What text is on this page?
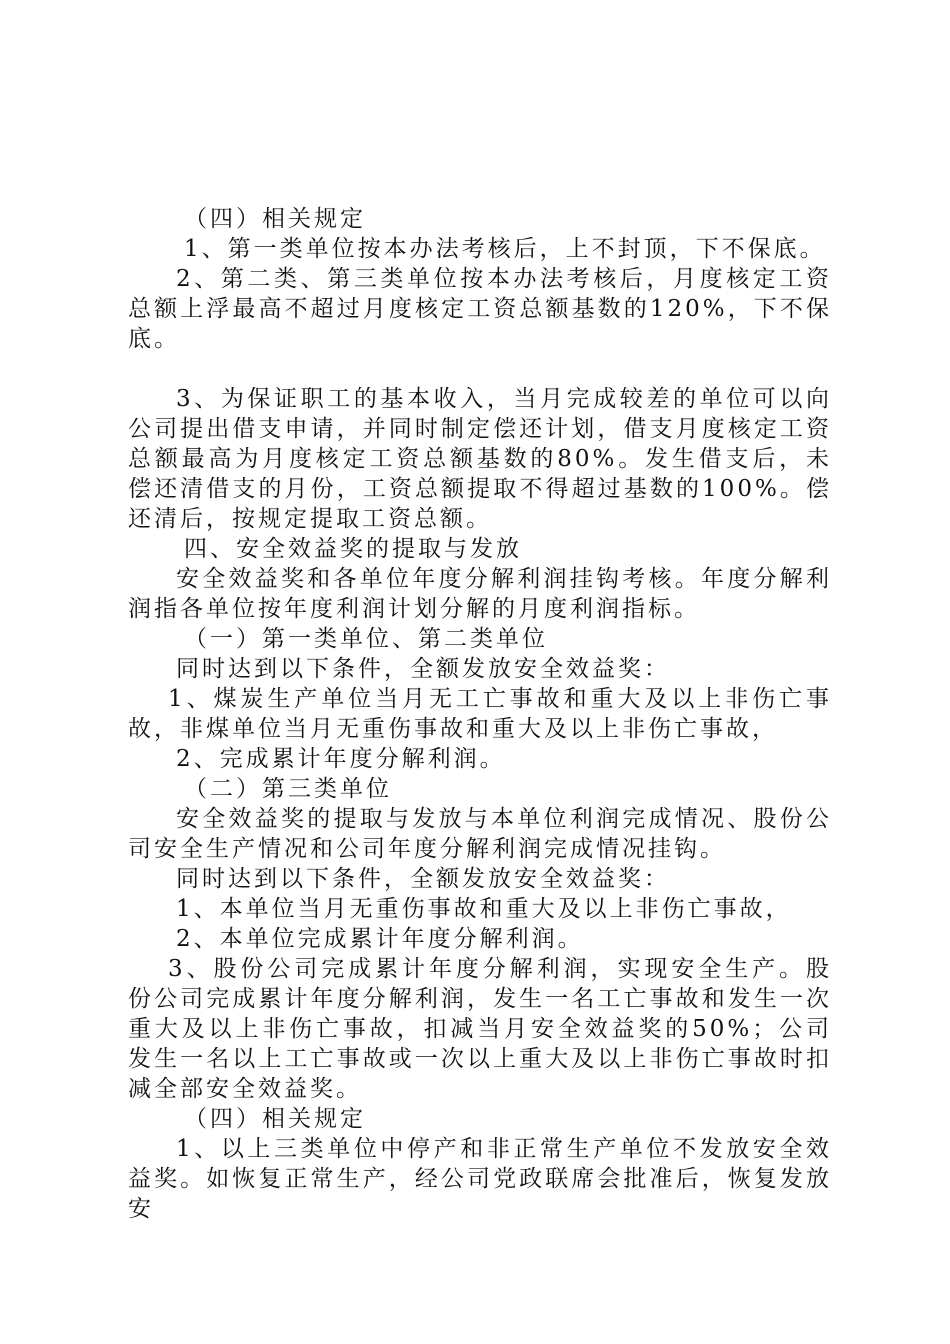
（四）相关规定

1、第一类单位按本办法考核后，上不封顶，下不保底。

2、第二类、第三类单位按本办法考核后，月度核定工资总额上浮最高不超过月度核定工资总额基数的120%，下不保底。

3、为保证职工的基本收入，当月完成较差的单位可以向公司提出借支申请，并同时制定偿还计划，借支月度核定工资总额最高为月度核定工资总额基数的80%。发生借支后，未偿还清借支的月份，工资总额提取不得超过基数的100%。偿还清后，按规定提取工资总额。

四、安全效益奖的提取与发放

安全效益奖和各单位年度分解利润挂钩考核。年度分解利润指各单位按年度利润计划分解的月度利润指标。

（一）第一类单位、第二类单位

同时达到以下条件，全额发放安全效益奖：

1、煤炭生产单位当月无工亡事故和重大及以上非伤亡事故，非煤单位当月无重伤事故和重大及以上非伤亡事故，

2、完成累计年度分解利润。

（二）第三类单位

安全效益奖的提取与发放与本单位利润完成情况、股份公司安全生产情况和公司年度分解利润完成情况挂钩。

同时达到以下条件，全额发放安全效益奖：

1、本单位当月无重伤事故和重大及以上非伤亡事故，

2、本单位完成累计年度分解利润。

3、股份公司完成累计年度分解利润，实现安全生产。股份公司完成累计年度分解利润，发生一名工亡事故和发生一次重大及以上非伤亡事故，扣减当月安全效益奖的50%；公司发生一名以上工亡事故或一次以上重大及以上非伤亡事故时扣减全部安全效益奖。

（四）相关规定

1、以上三类单位中停产和非正常生产单位不发放安全效益奖。如恢复正常生产，经公司党政联席会批准后，恢复发放安
